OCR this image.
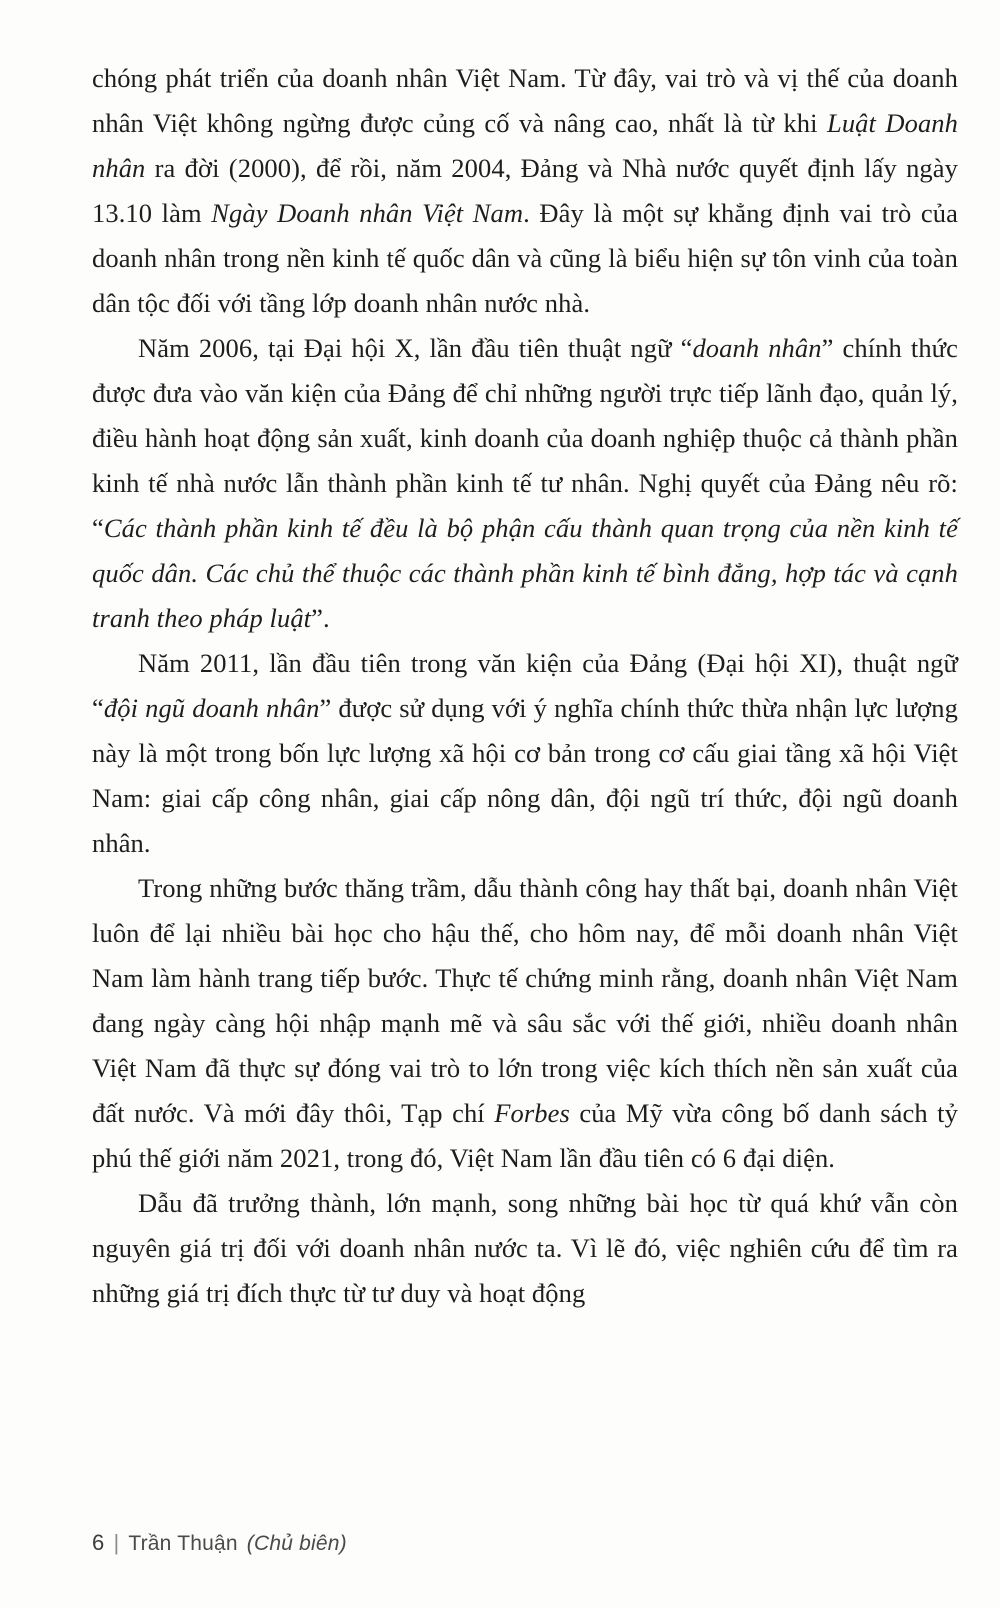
chóng phát triển của doanh nhân Việt Nam. Từ đây, vai trò và vị thế của doanh nhân Việt không ngừng được củng cố và nâng cao, nhất là từ khi Luật Doanh nhân ra đời (2000), để rồi, năm 2004, Đảng và Nhà nước quyết định lấy ngày 13.10 làm Ngày Doanh nhân Việt Nam. Đây là một sự khẳng định vai trò của doanh nhân trong nền kinh tế quốc dân và cũng là biểu hiện sự tôn vinh của toàn dân tộc đối với tầng lớp doanh nhân nước nhà.

Năm 2006, tại Đại hội X, lần đầu tiên thuật ngữ “doanh nhân” chính thức được đưa vào văn kiện của Đảng để chỉ những người trực tiếp lãnh đạo, quản lý, điều hành hoạt động sản xuất, kinh doanh của doanh nghiệp thuộc cả thành phần kinh tế nhà nước lẫn thành phần kinh tế tư nhân. Nghị quyết của Đảng nêu rõ: “Các thành phần kinh tế đều là bộ phận cấu thành quan trọng của nền kinh tế quốc dân. Các chủ thể thuộc các thành phần kinh tế bình đẳng, hợp tác và cạnh tranh theo pháp luật”.

Năm 2011, lần đầu tiên trong văn kiện của Đảng (Đại hội XI), thuật ngữ “đội ngũ doanh nhân” được sử dụng với ý nghĩa chính thức thừa nhận lực lượng này là một trong bốn lực lượng xã hội cơ bản trong cơ cấu giai tầng xã hội Việt Nam: giai cấp công nhân, giai cấp nông dân, đội ngũ trí thức, đội ngũ doanh nhân.

Trong những bước thăng trầm, dẫu thành công hay thất bại, doanh nhân Việt luôn để lại nhiều bài học cho hậu thế, cho hôm nay, để mỗi doanh nhân Việt Nam làm hành trang tiếp bước. Thực tế chứng minh rằng, doanh nhân Việt Nam đang ngày càng hội nhập mạnh mẽ và sâu sắc với thế giới, nhiều doanh nhân Việt Nam đã thực sự đóng vai trò to lớn trong việc kích thích nền sản xuất của đất nước. Và mới đây thôi, Tạp chí Forbes của Mỹ vừa công bố danh sách tỷ phú thế giới năm 2021, trong đó, Việt Nam lần đầu tiên có 6 đại diện.

Dẫu đã trưởng thành, lớn mạnh, song những bài học từ quá khứ vẫn còn nguyên giá trị đối với doanh nhân nước ta. Vì lẽ đó, việc nghiên cứu để tìm ra những giá trị đích thực từ tư duy và hoạt động

6 | Trần Thuận (Chủ biên)
